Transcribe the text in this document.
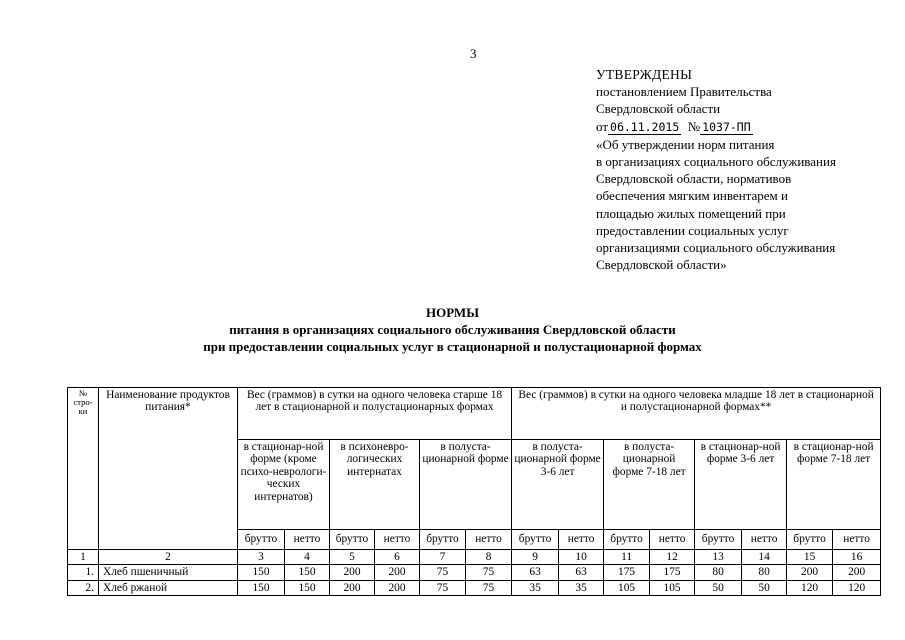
3
УТВЕРЖДЕНЫ
постановлением Правительства
Свердловской области
от 06.11.2015 № 1037-ПП
«Об утверждении норм питания
в организациях социального обслуживания
Свердловской области, нормативов
обеспечения мягким инвентарем и
площадью жилых помещений при
предоставлении социальных услуг
организациями социального обслуживания
Свердловской области»
НОРМЫ
питания в организациях социального обслуживания Свердловской области
при предоставлении социальных услуг в стационарной и полустационарной формах
№ стро-ки	Наименование продуктов питания*	Вес (граммов) в сутки на одного человека старше 18 лет в стационарной и полустационарных формах						Вес (граммов) в сутки на одного человека младше 18 лет в стационарной и полустационарной формах**							
		в стационар-ной форме (кроме психо-неврологи-ческих интернатов)		в психоневро-логических интернатах		в полуста-ционарной форме		в полуста-ционарной форме 3-6 лет		в полуста-ционарной форме 7-18 лет		в стационар-ной форме 3-6 лет		в стационар-ной форме 7-18 лет	
		брутто	нетто	брутто	нетто	брутто	нетто	брутто	нетто	брутто	нетто	брутто	нетто	брутто	нетто
1	2	3	4	5	6	7	8	9	10	11	12	13	14	15	16
1.	Хлеб пшеничный	150	150	200	200	75	75	63	63	175	175	80	80	200	200
2.	Хлеб ржаной	150	150	200	200	75	75	35	35	105	105	50	50	120	120
